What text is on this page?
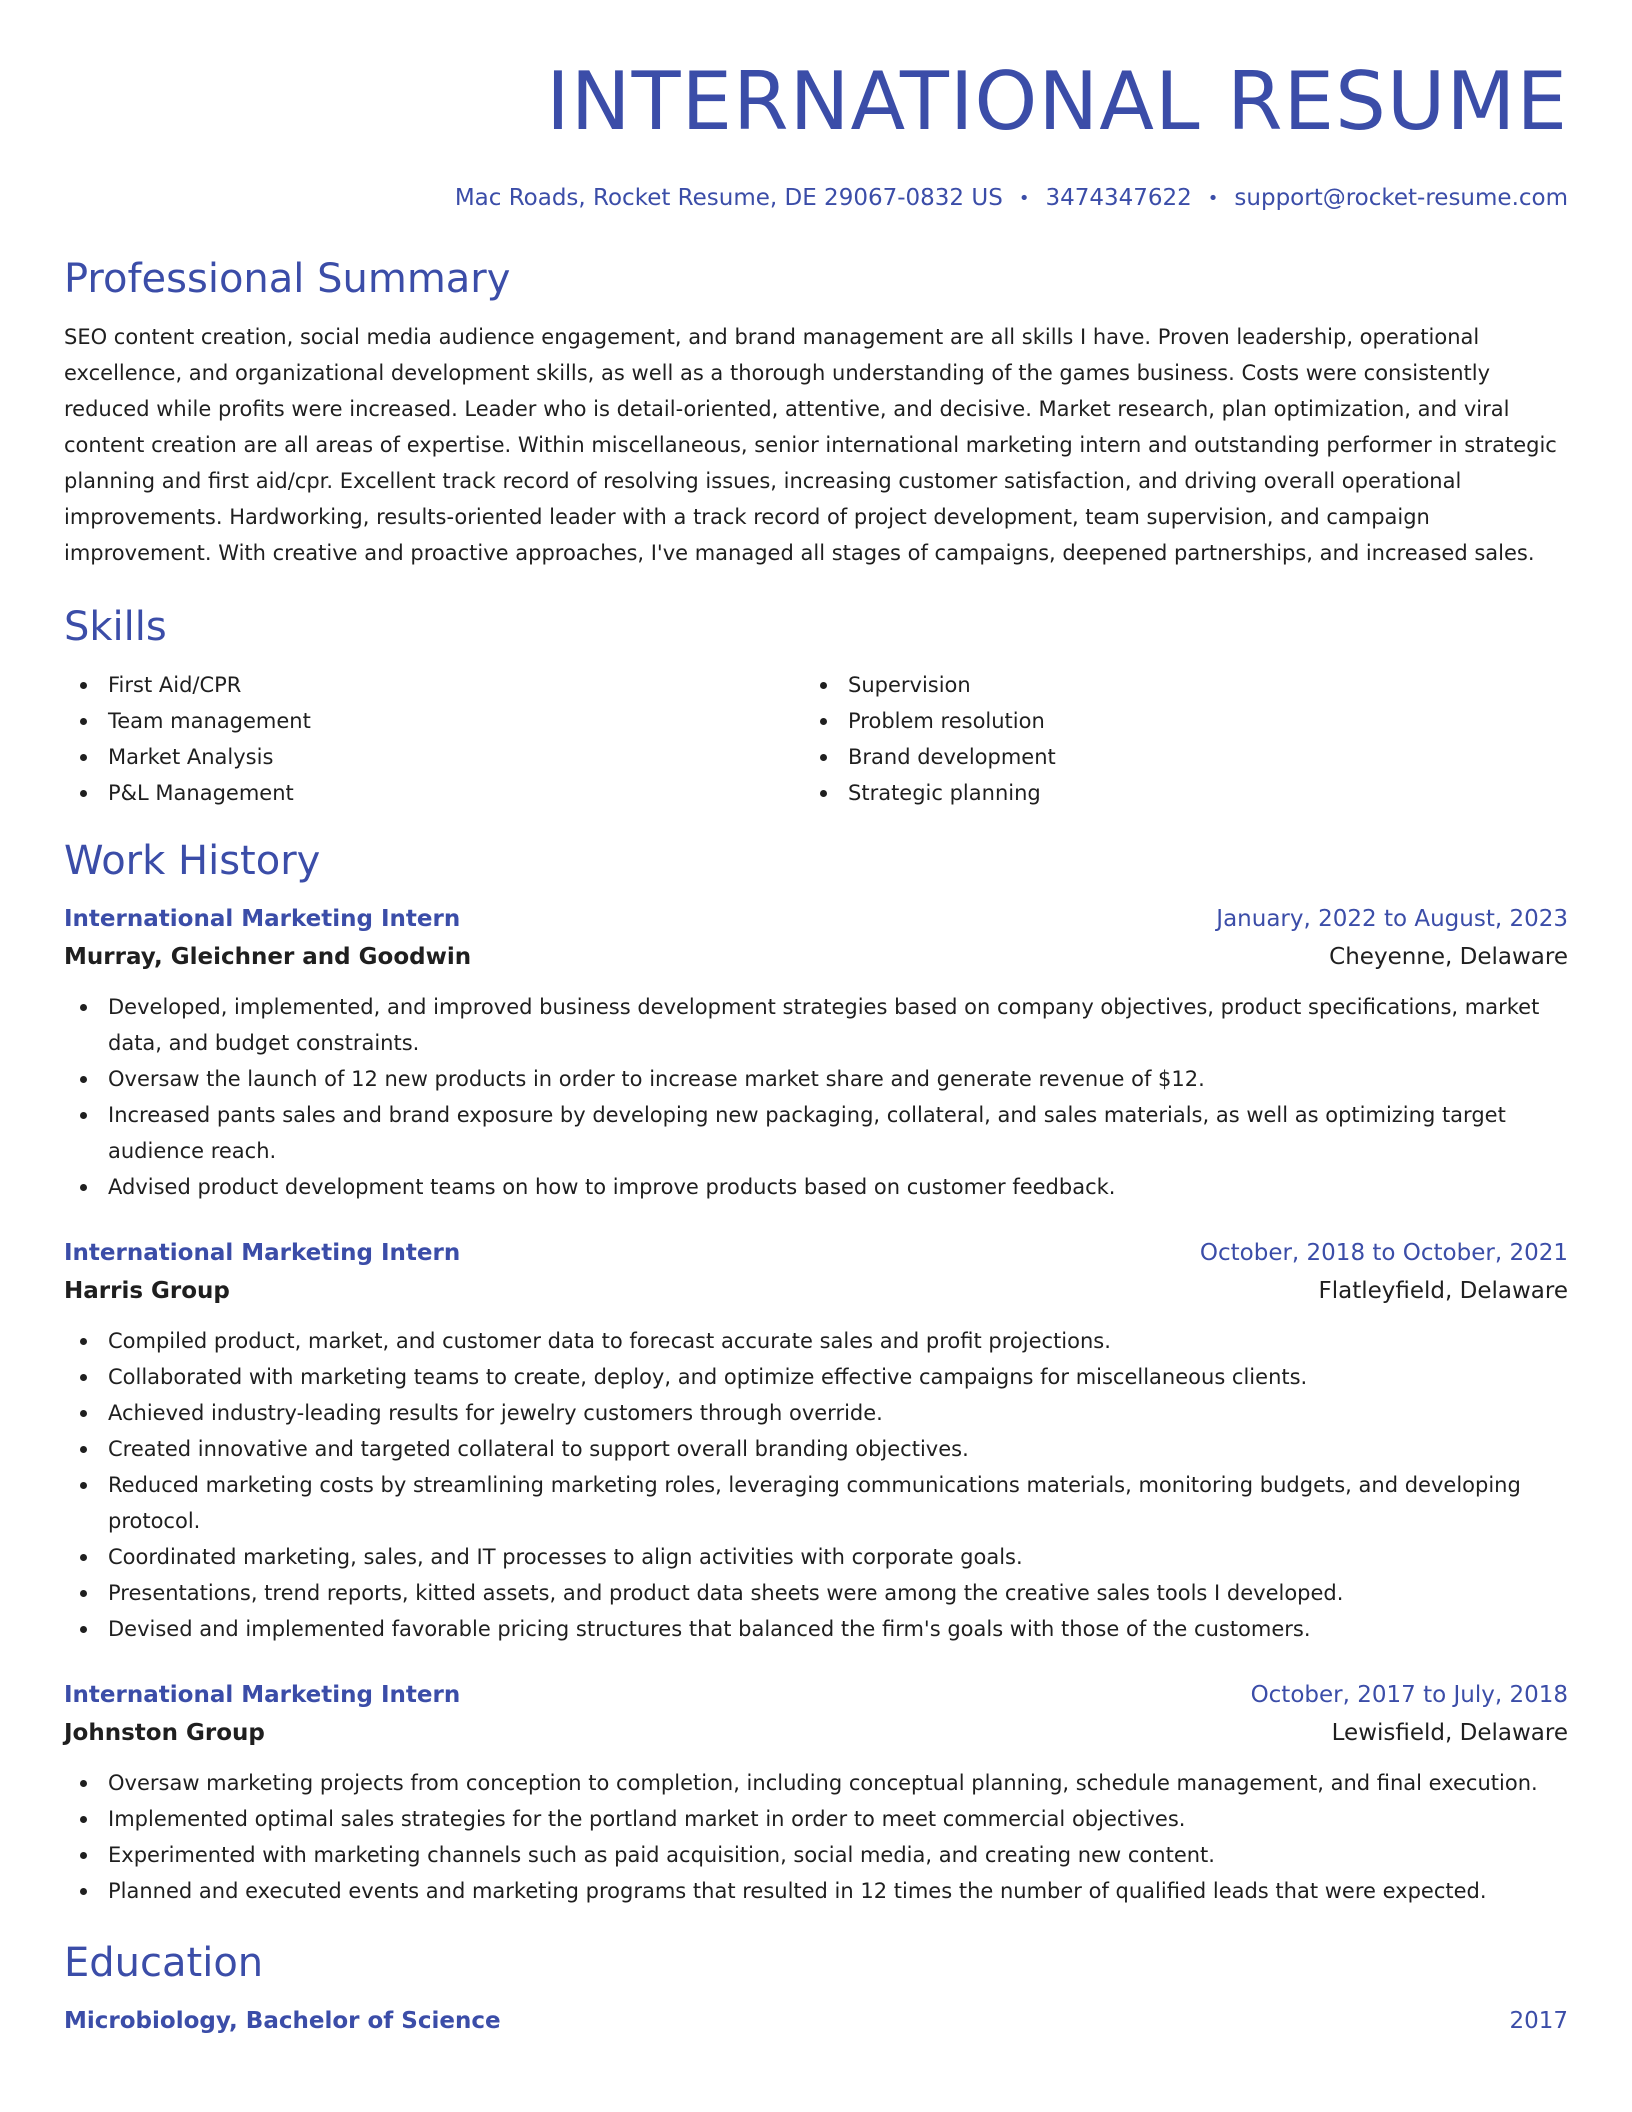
INTERNATIONAL RESUME
Mac Roads, Rocket Resume, DE 29067-0832 US • 3474347622 • support@rocket-resume.com
Professional Summary

SEO content creation, social media audience engagement, and brand management are all skills I have. Proven leadership, operational excellence, and organizational development skills, as well as a thorough understanding of the games business. Costs were consistently reduced while profits were increased. Leader who is detail-oriented, attentive, and decisive. Market research, plan optimization, and viral content creation are all areas of expertise. Within miscellaneous, senior international marketing intern and outstanding performer in strategic planning and first aid/cpr. Excellent track record of resolving issues, increasing customer satisfaction, and driving overall operational improvements. Hardworking, results-oriented leader with a track record of project development, team supervision, and campaign improvement. With creative and proactive approaches, I've managed all stages of campaigns, deepened partnerships, and increased sales.

Skills
First Aid/CPR
Team management
Market Analysis
P&L Management
Supervision
Problem resolution
Brand development
Strategic planning
Work History
International Marketing Intern	January, 2022 to August, 2023
Murray, Gleichner and Goodwin	Cheyenne, Delaware
Developed, implemented, and improved business development strategies based on company objectives, product specifications, market data, and budget constraints.
Oversaw the launch of 12 new products in order to increase market share and generate revenue of $12.
Increased pants sales and brand exposure by developing new packaging, collateral, and sales materials, as well as optimizing target audience reach.
Advised product development teams on how to improve products based on customer feedback.
International Marketing Intern	October, 2018 to October, 2021
Harris Group	Flatleyfield, Delaware
Compiled product, market, and customer data to forecast accurate sales and profit projections.
Collaborated with marketing teams to create, deploy, and optimize effective campaigns for miscellaneous clients.
Achieved industry-leading results for jewelry customers through override.
Created innovative and targeted collateral to support overall branding objectives.
Reduced marketing costs by streamlining marketing roles, leveraging communications materials, monitoring budgets, and developing protocol.
Coordinated marketing, sales, and IT processes to align activities with corporate goals.
Presentations, trend reports, kitted assets, and product data sheets were among the creative sales tools I developed.
Devised and implemented favorable pricing structures that balanced the firm's goals with those of the customers.
International Marketing Intern	October, 2017 to July, 2018
Johnston Group	Lewisfield, Delaware
Oversaw marketing projects from conception to completion, including conceptual planning, schedule management, and final execution.
Implemented optimal sales strategies for the portland market in order to meet commercial objectives.
Experimented with marketing channels such as paid acquisition, social media, and creating new content.
Planned and executed events and marketing programs that resulted in 12 times the number of qualified leads that were expected.
Education
Microbiology, Bachelor of Science	2017
